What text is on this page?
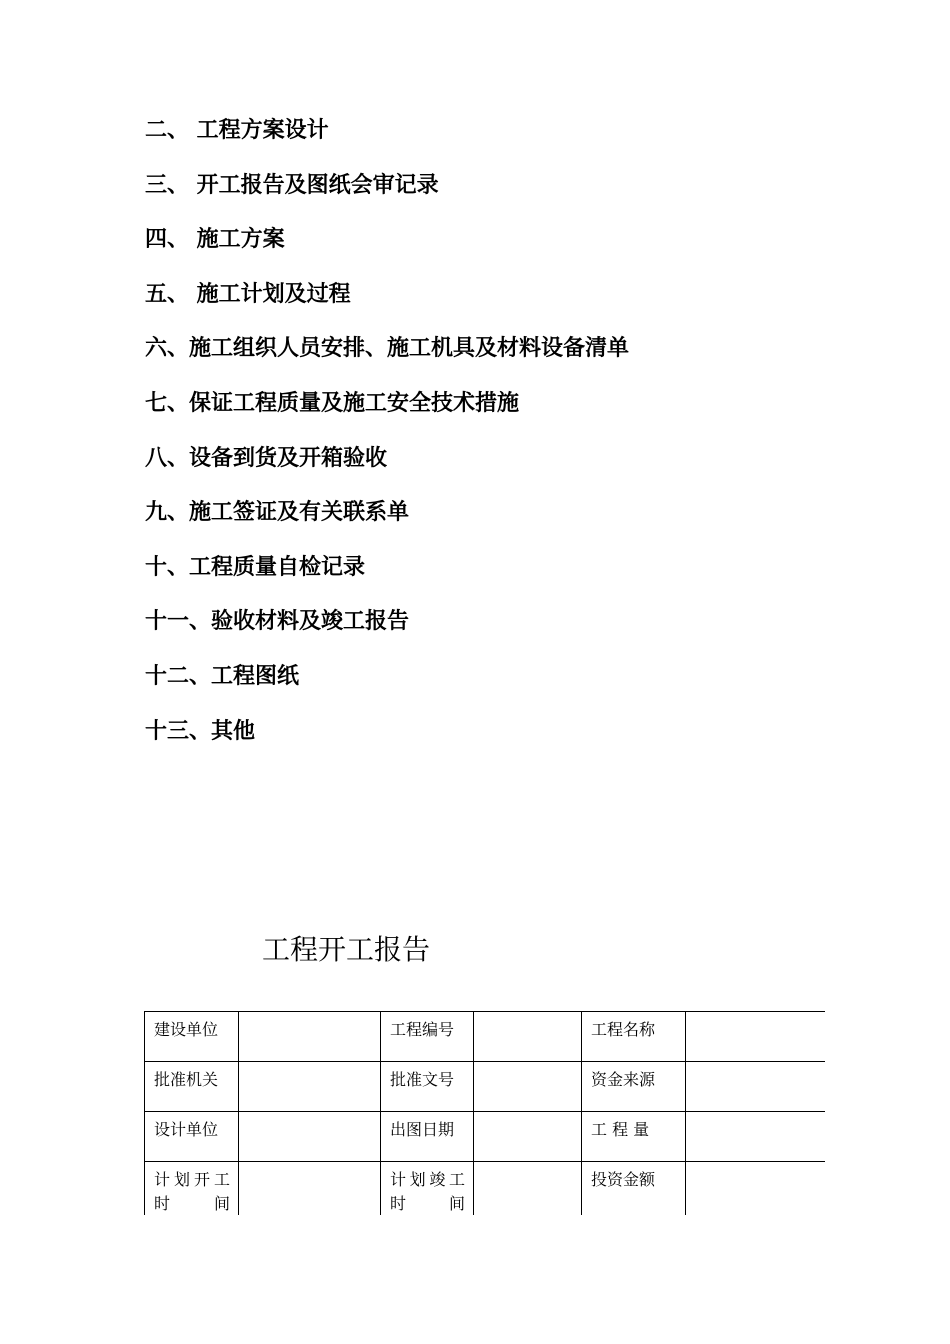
二、 工程方案设计
三、 开工报告及图纸会审记录
四、 施工方案
五、 施工计划及过程
六、施工组织人员安排、施工机具及材料设备清单
七、保证工程质量及施工安全技术措施
八、设备到货及开箱验收
九、施工签证及有关联系单
十、工程质量自检记录
十一、验收材料及竣工报告
十二、工程图纸
十三、其他
工程开工报告
建设单位		工程编号		工程名称	
批准机关		批准文号		资金来源	
设计单位		出图日期		工 程 量	
计划开工时　　间		计划竣工时　　间		投资金额	
